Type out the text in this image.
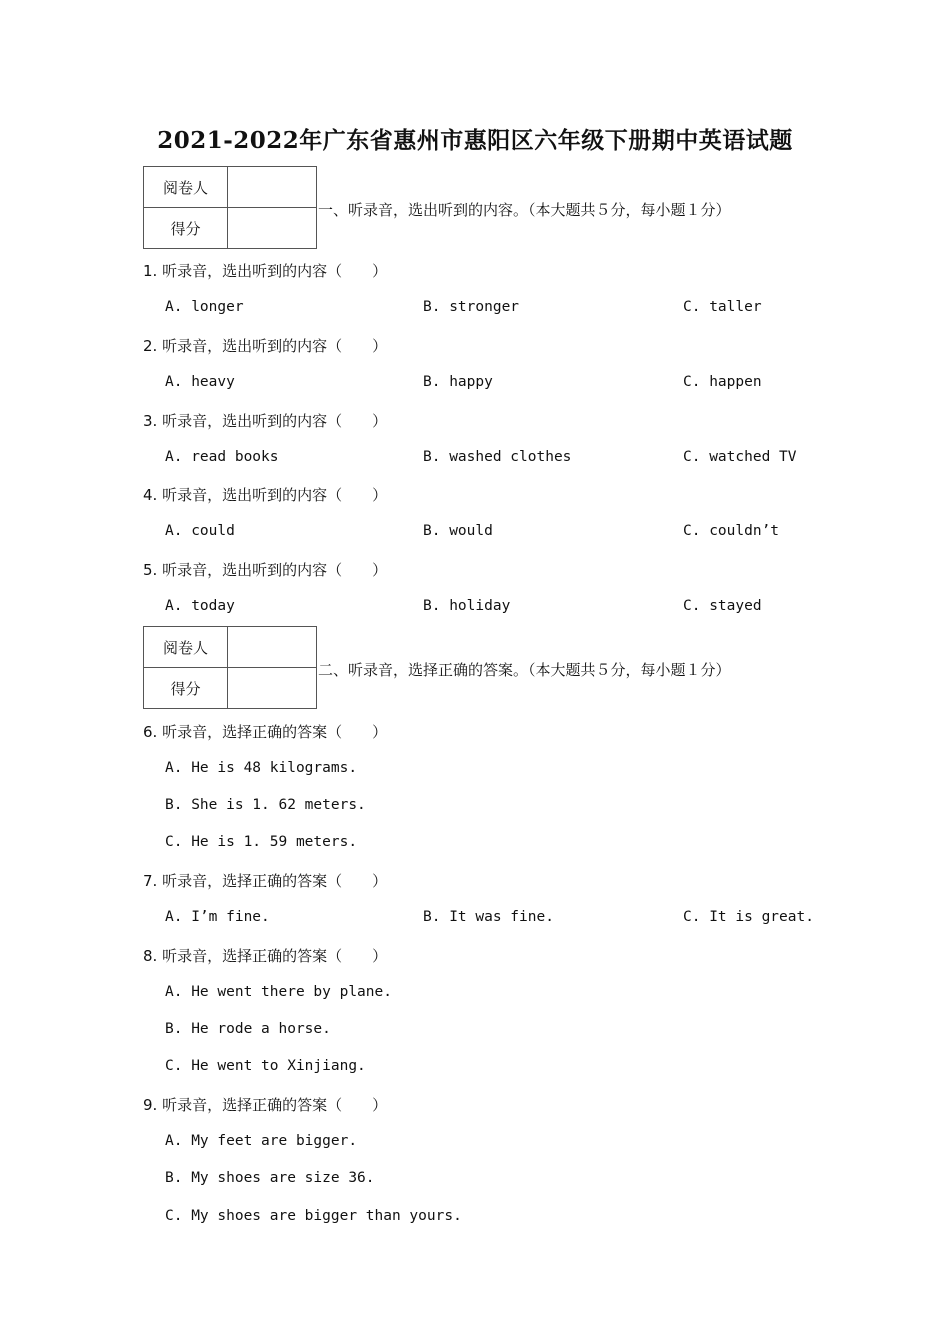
2021-2022年广东省惠州市惠阳区六年级下册期中英语试题
阅卷人	
得分	
一、听录音，选出听到的内容。（本大题共５分，每小题１分）
1. 听录音，选出听到的内容（　　）
A. longer	B. stronger	C. taller
2. 听录音，选出听到的内容（　　）
A. heavy	B. happy	C. happen
3. 听录音，选出听到的内容（　　）
A. read books	B. washed clothes	C. watched TV
4. 听录音，选出听到的内容（　　）
A. could	B. would	C. couldn’t
5. 听录音，选出听到的内容（　　）
A. today	B. holiday	C. stayed
阅卷人	
得分	
二、听录音，选择正确的答案。（本大题共５分，每小题１分）
6. 听录音，选择正确的答案（　　）
A. He is 48 kilograms.
B. She is 1. 62 meters.
C. He is 1. 59 meters.
7. 听录音，选择正确的答案（　　）
A. I’m fine.	B. It was fine.	C. It is great.
8. 听录音，选择正确的答案（　　）
A. He went there by plane.
B. He rode a horse.
C. He went to Xinjiang.
9. 听录音，选择正确的答案（　　）
A. My feet are bigger.
B. My shoes are size 36.
C. My shoes are bigger than yours.
